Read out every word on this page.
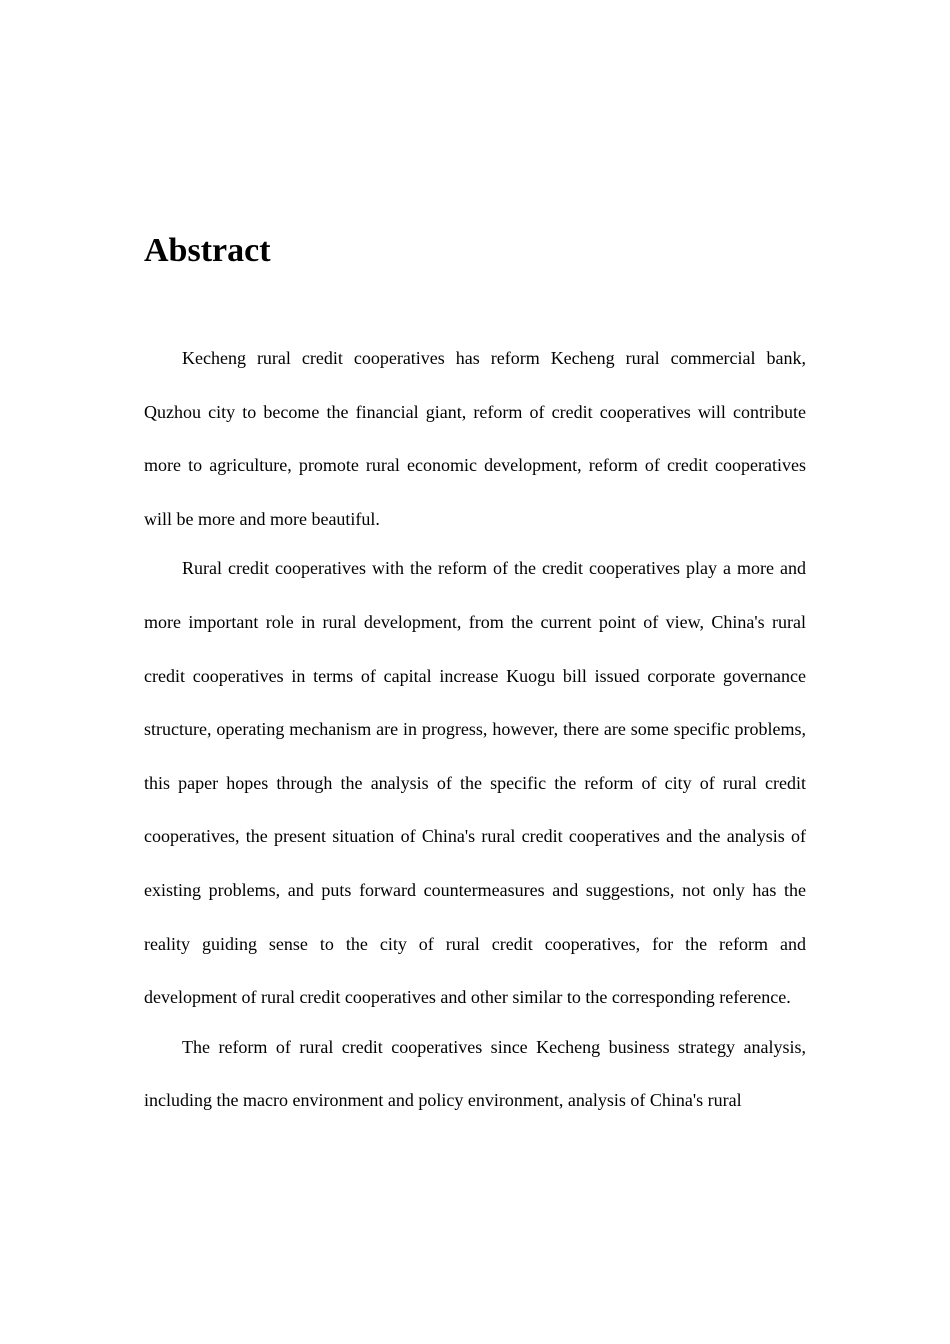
Abstract

Kecheng rural credit cooperatives has reform Kecheng rural commercial bank, Quzhou city to become the financial giant, reform of credit cooperatives will contribute more to agriculture, promote rural economic development, reform of credit cooperatives will be more and more beautiful.

Rural credit cooperatives with the reform of the credit cooperatives play a more and more important role in rural development, from the current point of view, China's rural credit cooperatives in terms of capital increase Kuogu bill issued corporate governance structure, operating mechanism are in progress, however, there are some specific problems, this paper hopes through the analysis of the specific the reform of city of rural credit cooperatives, the present situation of China's rural credit cooperatives and the analysis of existing problems, and puts forward countermeasures and suggestions, not only has the reality guiding sense to the city of rural credit cooperatives, for the reform and development of rural credit cooperatives and other similar to the corresponding reference.

The reform of rural credit cooperatives since Kecheng business strategy analysis, including the macro environment and policy environment, analysis of China's rural
